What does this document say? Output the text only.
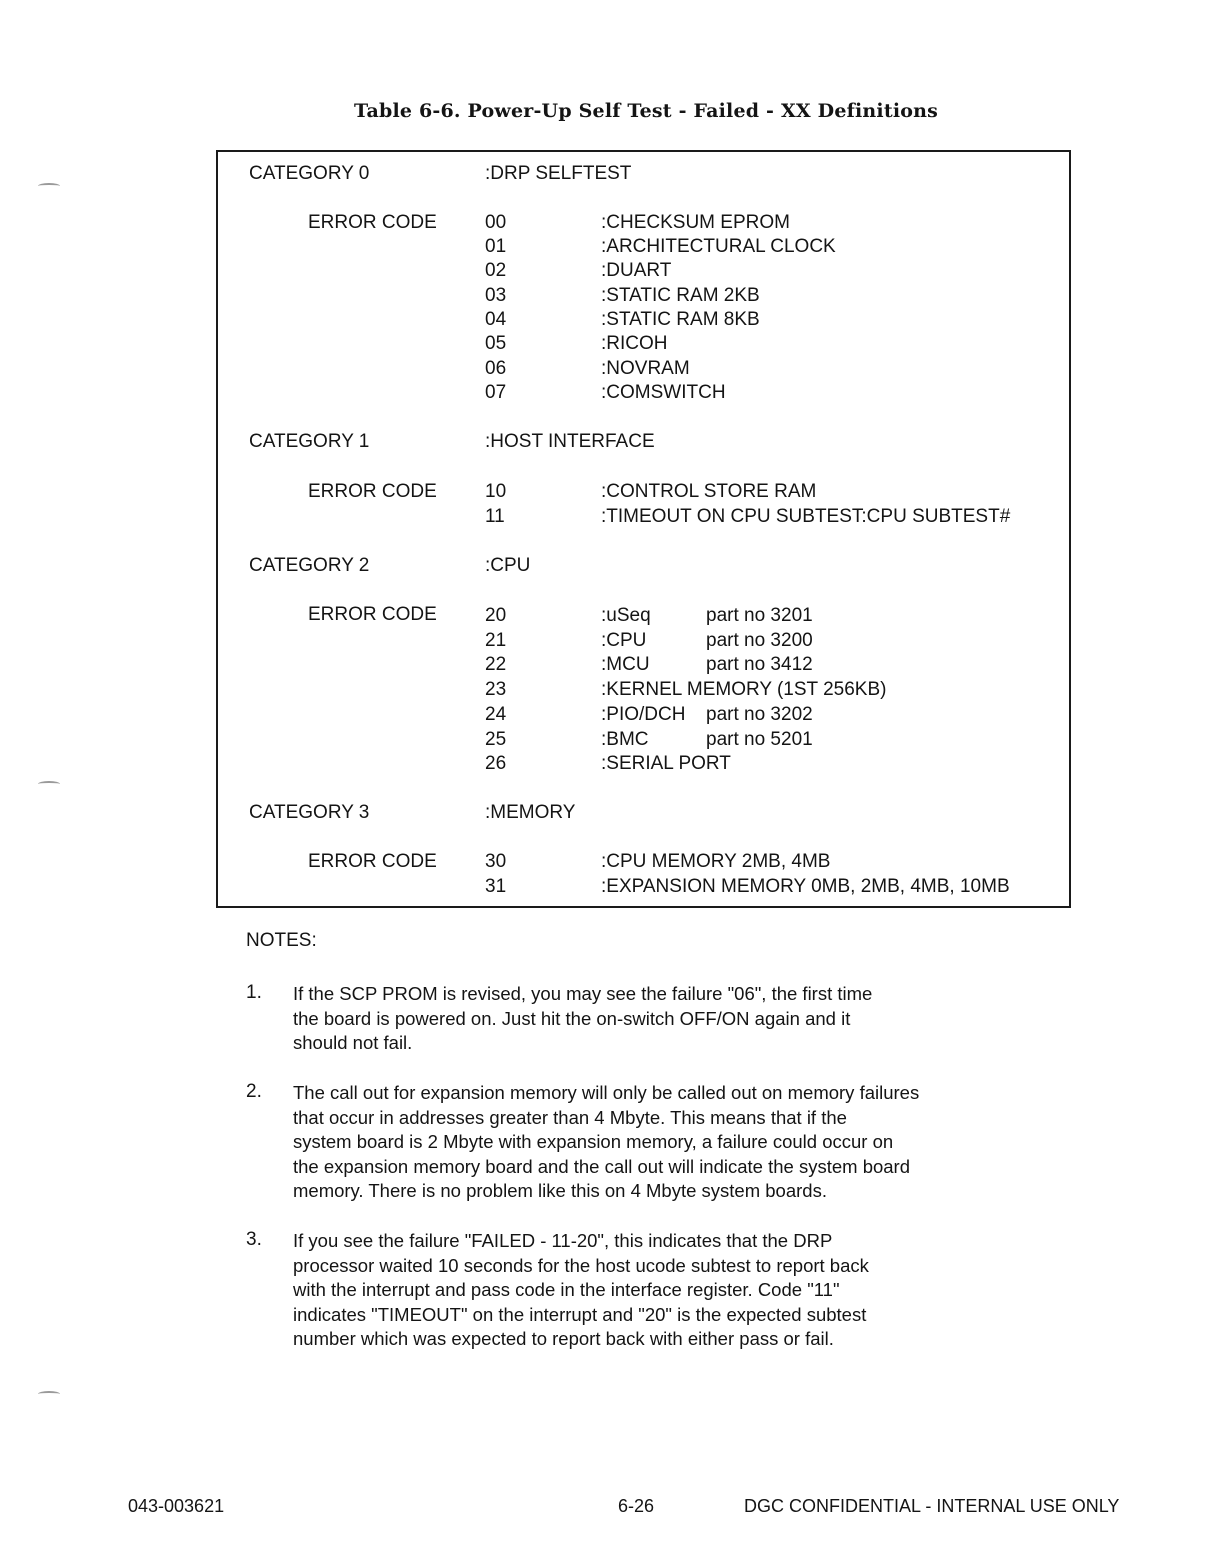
Table 6-6. Power-Up Self Test - Failed - XX Definitions
CATEGORY 0	:DRP SELFTEST
ERROR CODE	00	:CHECKSUM EPROM
01	:ARCHITECTURAL CLOCK
02	:DUART
03	:STATIC RAM 2KB
04	:STATIC RAM 8KB
05	:RICOH
06	:NOVRAM
07	:COMSWITCH
CATEGORY 1	:HOST INTERFACE
ERROR CODE	10	:CONTROL STORE RAM
11	:TIMEOUT ON CPU SUBTEST:CPU SUBTEST#
CATEGORY 2	:CPU
ERROR CODE	20	:uSeq	part no 3201
21	:CPU	part no 3200
22	:MCU	part no 3412
23	:KERNEL MEMORY (1ST 256KB)
24	:PIO/DCH part no 3202
25	:BMC	part no 5201
26	:SERIAL PORT
CATEGORY 3	:MEMORY
ERROR CODE	30	:CPU MEMORY 2MB, 4MB
31	:EXPANSION MEMORY 0MB, 2MB, 4MB, 10MB
NOTES:
1. If the SCP PROM is revised, you may see the failure "06", the first time
the board is powered on. Just hit the on-switch OFF/ON again and it
should not fail.
2. The call out for expansion memory will only be called out on memory failures
that occur in addresses greater than 4 Mbyte. This means that if the
system board is 2 Mbyte with expansion memory, a failure could occur on
the expansion memory board and the call out will indicate the system board
memory. There is no problem like this on 4 Mbyte system boards.
3. If you see the failure "FAILED - 11-20", this indicates that the DRP
processor waited 10 seconds for the host ucode subtest to report back
with the interrupt and pass code in the interface register. Code "11"
indicates "TIMEOUT" on the interrupt and "20" is the expected subtest
number which was expected to report back with either pass or fail.
043-003621	6-26	DGC CONFIDENTIAL - INTERNAL USE ONLY
